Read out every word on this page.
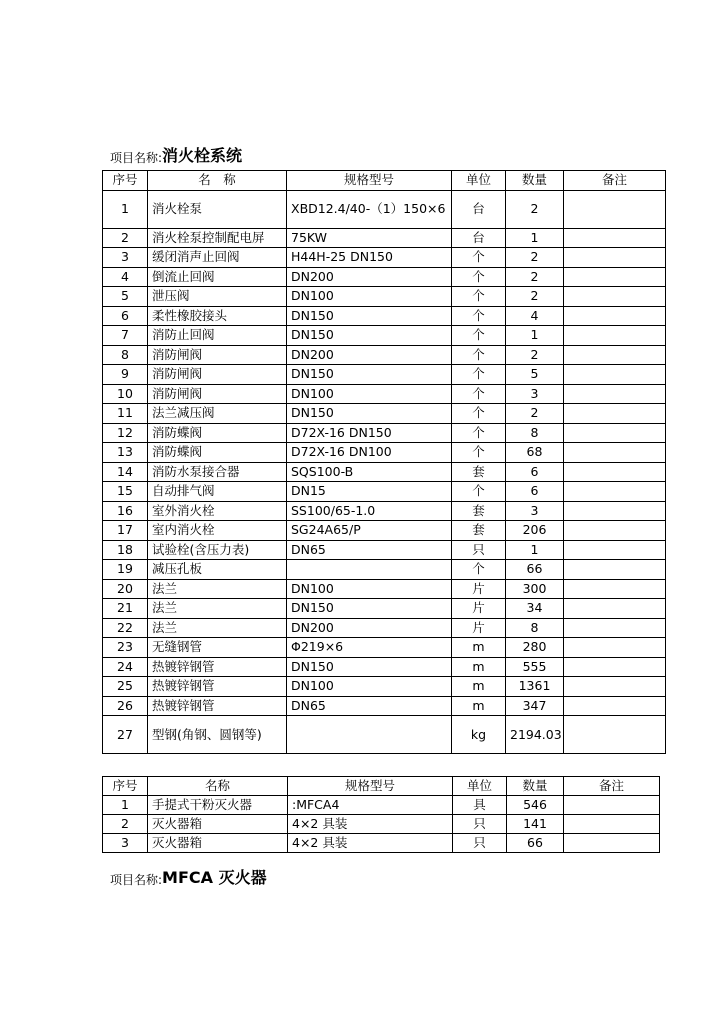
项目名称: 消火栓系统
序号	名　称	规格型号	单位	数量	备注
1	消火栓泵	XBD12.4/40-（1）150×6	台	2	
2	消火栓泵控制配电屏	75KW	台	1	
3	缓闭消声止回阀	H44H-25 DN150	个	2	
4	倒流止回阀	DN200	个	2	
5	泄压阀	DN100	个	2	
6	柔性橡胶接头	DN150	个	4	
7	消防止回阀	DN150	个	1	
8	消防闸阀	DN200	个	2	
9	消防闸阀	DN150	个	5	
10	消防闸阀	DN100	个	3	
11	法兰减压阀	DN150	个	2	
12	消防蝶阀	D72X-16 DN150	个	8	
13	消防蝶阀	D72X-16 DN100	个	68	
14	消防水泵接合器	SQS100-B	套	6	
15	自动排气阀	DN15	个	6	
16	室外消火栓	SS100/65-1.0	套	3	
17	室内消火栓	SG24A65/P	套	206	
18	试验栓(含压力表)	DN65	只	1	
19	减压孔板		个	66	
20	法兰	DN100	片	300	
21	法兰	DN150	片	34	
22	法兰	DN200	片	8	
23	无缝钢管	Φ219×6	m	280	
24	热镀锌钢管	DN150	m	555	
25	热镀锌钢管	DN100	m	1361	
26	热镀锌钢管	DN65	m	347	
27	型钢(角钢、圆钢等)		kg	2194.03	
序号	名称	规格型号	单位	数量	备注
1	手提式干粉灭火器	:MFCA4	具	546	
2	灭火器箱	4×2 具装	只	141	
3	灭火器箱	4×2 具装	只	66	
项目名称: MFCA 灭火器
